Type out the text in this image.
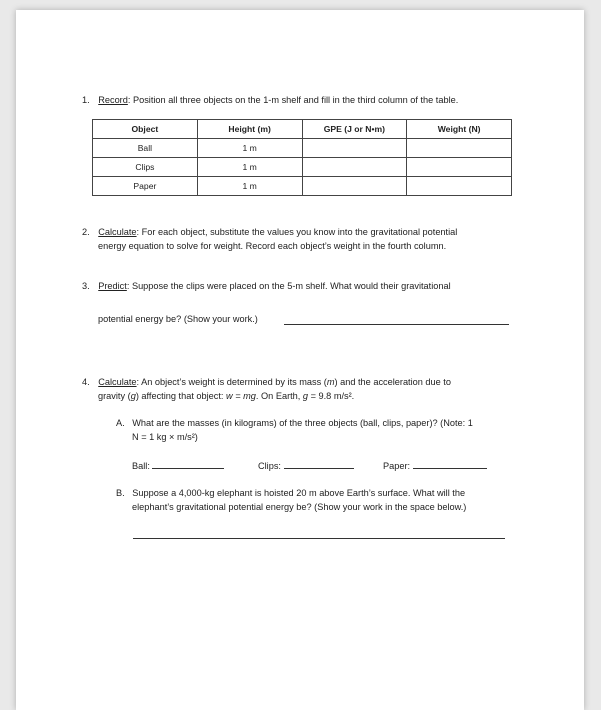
1. Record: Position all three objects on the 1-m shelf and fill in the third column of the table.
Object	Height (m)	GPE (J or N•m)	Weight (N)
Ball	1 m		
Clips	1 m		
Paper	1 m		
2. Calculate: For each object, substitute the values you know into the gravitational potential
energy equation to solve for weight. Record each object’s weight in the fourth column.
3. Predict: Suppose the clips were placed on the 5-m shelf. What would their gravitational
potential energy be? (Show your work.)
4. Calculate: An object’s weight is determined by its mass (m) and the acceleration due to
gravity (g) affecting that object: w = mg. On Earth, g = 9.8 m/s².
A. What are the masses (in kilograms) of the three objects (ball, clips, paper)? (Note: 1
N = 1 kg × m/s²)
Ball:	Clips:	Paper:
B. Suppose a 4,000-kg elephant is hoisted 20 m above Earth’s surface. What will the
elephant’s gravitational potential energy be? (Show your work in the space below.)
